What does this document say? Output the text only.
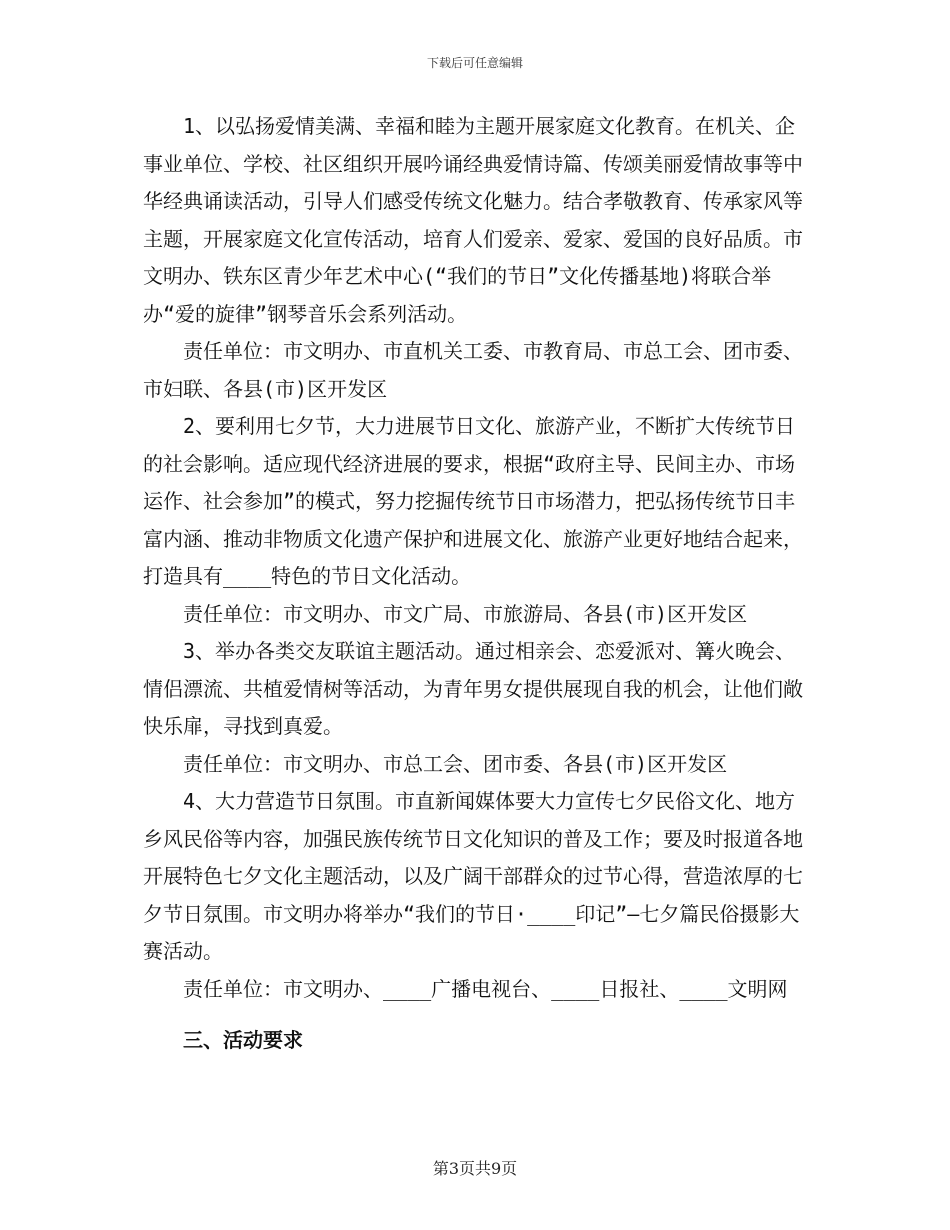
下载后可任意编辑

1、以弘扬爱情美满、幸福和睦为主题开展家庭文化教育。在机关、企事业单位、学校、社区组织开展吟诵经典爱情诗篇、传颂美丽爱情故事等中华经典诵读活动，引导人们感受传统文化魅力。结合孝敬教育、传承家风等主题，开展家庭文化宣传活动，培育人们爱亲、爱家、爱国的良好品质。市文明办、铁东区青少年艺术中心(“我们的节日”文化传播基地)将联合举办“爱的旋律”钢琴音乐会系列活动。

责任单位：市文明办、市直机关工委、市教育局、市总工会、团市委、市妇联、各县(市)区开发区

2、要利用七夕节，大力进展节日文化、旅游产业，不断扩大传统节日的社会影响。适应现代经济进展的要求，根据“政府主导、民间主办、市场运作、社会参加”的模式，努力挖掘传统节日市场潜力，把弘扬传统节日丰富内涵、推动非物质文化遗产保护和进展文化、旅游产业更好地结合起来，打造具有____特色的节日文化活动。

责任单位：市文明办、市文广局、市旅游局、各县(市)区开发区

3、举办各类交友联谊主题活动。通过相亲会、恋爱派对、篝火晚会、情侣漂流、共植爱情树等活动，为青年男女提供展现自我的机会，让他们敞快乐扉，寻找到真爱。

责任单位：市文明办、市总工会、团市委、各县(市)区开发区

4、大力营造节日氛围。市直新闻媒体要大力宣传七夕民俗文化、地方乡风民俗等内容，加强民族传统节日文化知识的普及工作；要及时报道各地开展特色七夕文化主题活动，以及广阔干部群众的过节心得，营造浓厚的七夕节日氛围。市文明办将举办“我们的节日·____印记”—七夕篇民俗摄影大赛活动。

责任单位：市文明办、____广播电视台、____日报社、____文明网

三、活动要求

第3页共9页
